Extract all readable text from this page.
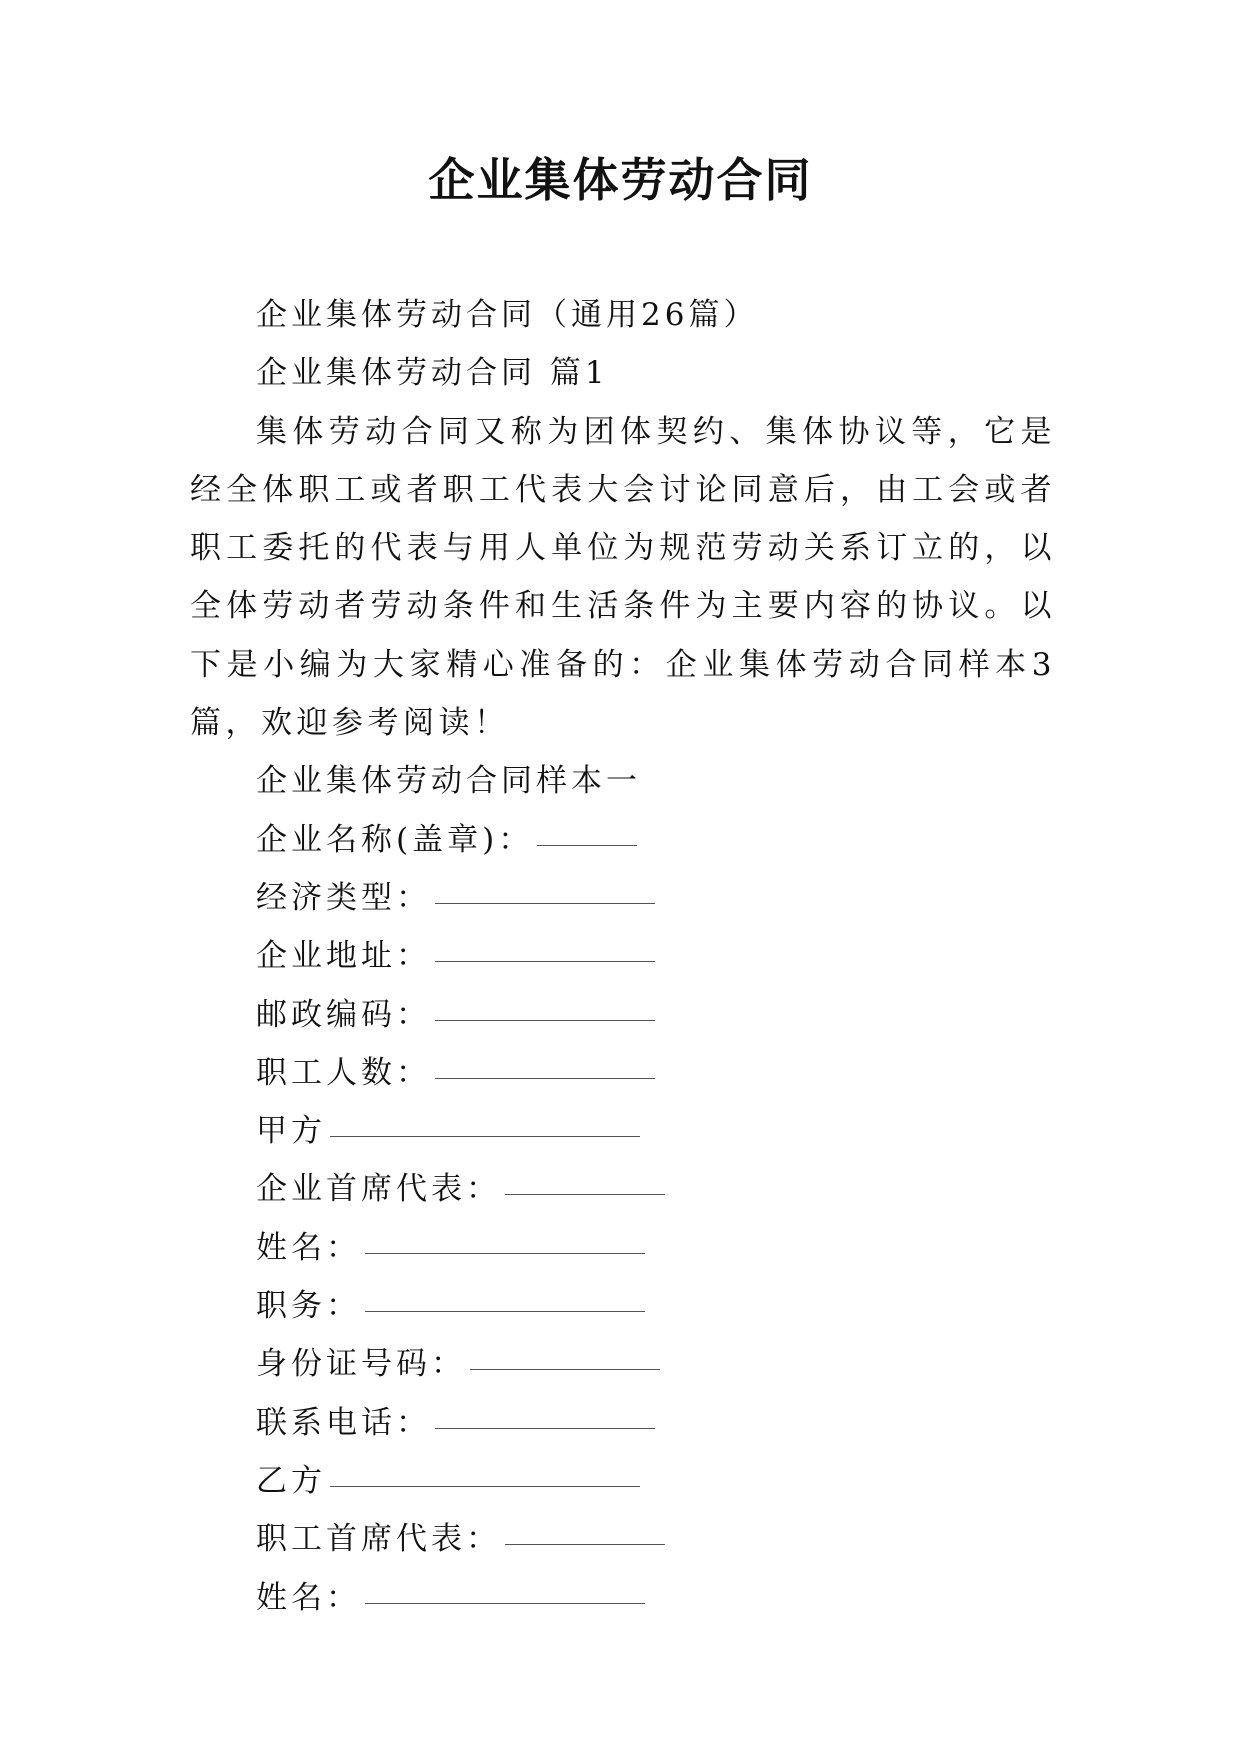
企业集体劳动合同
企业集体劳动合同（通用26篇）
企业集体劳动合同 篇1
集体劳动合同又称为团体契约、集体协议等，它是经全体职工或者职工代表大会讨论同意后，由工会或者职工委托的代表与用人单位为规范劳动关系订立的，以全体劳动者劳动条件和生活条件为主要内容的协议。以下是小编为大家精心准备的：企业集体劳动合同样本3篇，欢迎参考阅读！
企业集体劳动合同样本一
企业名称(盖章)：
经济类型：
企业地址：
邮政编码：
职工人数：
甲方
企业首席代表：
姓名：
职务：
身份证号码：
联系电话：
乙方
职工首席代表：
姓名：
